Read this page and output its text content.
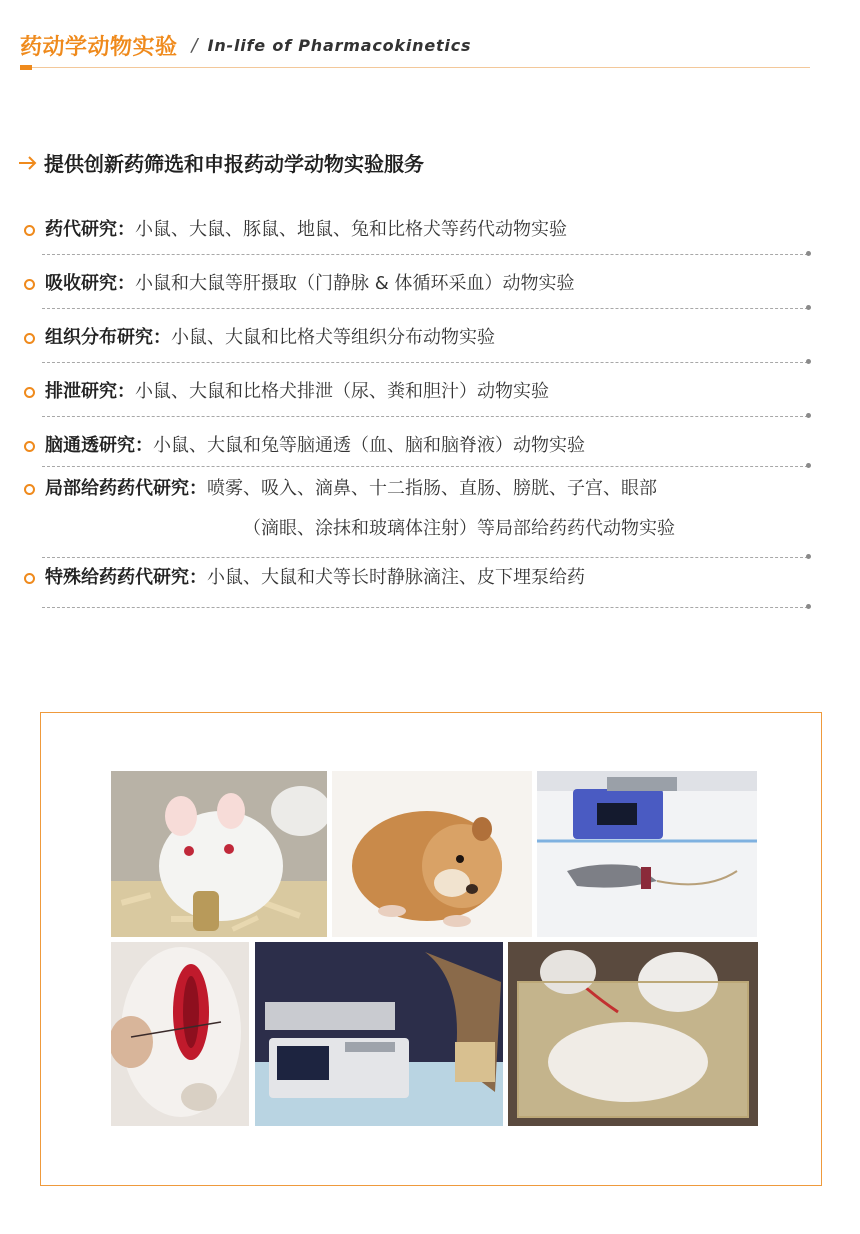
药动学动物实验 / In-life of Pharmacokinetics
提供创新药筛选和申报药动学动物实验服务
药代研究： 小鼠、大鼠、豚鼠、地鼠、兔和比格犬等药代动物实验
吸收研究： 小鼠和大鼠等肝摄取（门静脉 & 体循环采血）动物实验
组织分布研究： 小鼠、大鼠和比格犬等组织分布动物实验
排泄研究： 小鼠、大鼠和比格犬排泄（尿、粪和胆汁）动物实验
脑通透研究： 小鼠、大鼠和兔等脑通透（血、脑和脑脊液）动物实验
局部给药药代研究： 喷雾、吸入、滴鼻、十二指肠、直肠、膀胱、子宫、眼部
（滴眼、涂抹和玻璃体注射）等局部给药药代动物实验
特殊给药药代研究： 小鼠、大鼠和犬等长时静脉滴注、皮下埋泵给药
